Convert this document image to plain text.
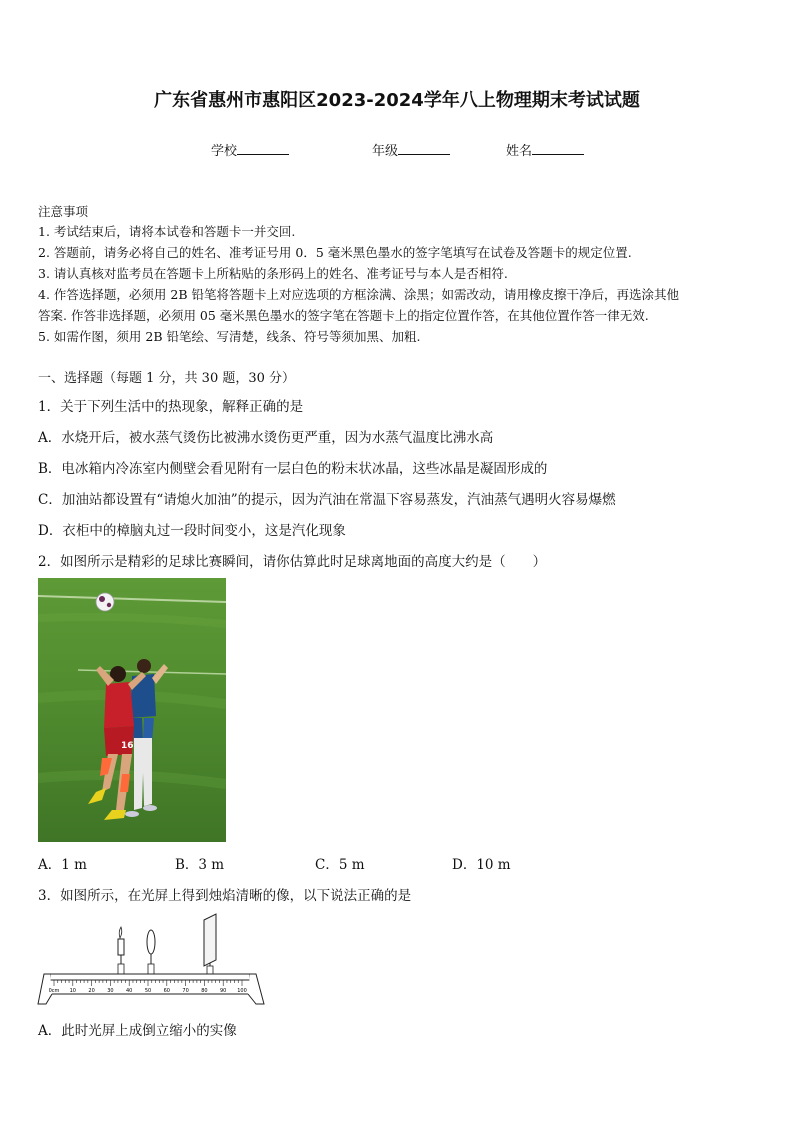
广东省惠州市惠阳区2023-2024学年八上物理期末考试试题
学校	年级	姓名
注意事项
1. 考试结束后，请将本试卷和答题卡一并交回.
2. 答题前，请务必将自己的姓名、准考证号用 0．5 毫米黑色墨水的签字笔填写在试卷及答题卡的规定位置.
3. 请认真核对监考员在答题卡上所粘贴的条形码上的姓名、准考证号与本人是否相符.
4. 作答选择题，必须用 2B 铅笔将答题卡上对应选项的方框涂满、涂黑；如需改动，请用橡皮擦干净后，再选涂其他
答案. 作答非选择题，必须用 05 毫米黑色墨水的签字笔在答题卡上的指定位置作答，在其他位置作答一律无效.
5. 如需作图，须用 2B 铅笔绘、写清楚，线条、符号等须加黑、加粗.
一、选择题（每题 1 分，共 30 题，30 分）
1．关于下列生活中的热现象，解释正确的是
A．水烧开后，被水蒸气烫伤比被沸水烫伤更严重，因为水蒸气温度比沸水高
B．电冰箱内冷冻室内侧壁会看见附有一层白色的粉末状冰晶，这些冰晶是凝固形成的
C．加油站都设置有“请熄火加油”的提示，因为汽油在常温下容易蒸发，汽油蒸气遇明火容易爆燃
D．衣柜中的樟脑丸过一段时间变小，这是汽化现象
2．如图所示是精彩的足球比赛瞬间，请你估算此时足球离地面的高度大约是（　　）
16
A．1 m	B．3 m	C．5 m	D．10 m
3．如图所示，在光屏上得到烛焰清晰的像，以下说法正确的是
0cm 10 20 30 40 50 60 70 80 90 100
A．此时光屏上成倒立缩小的实像
